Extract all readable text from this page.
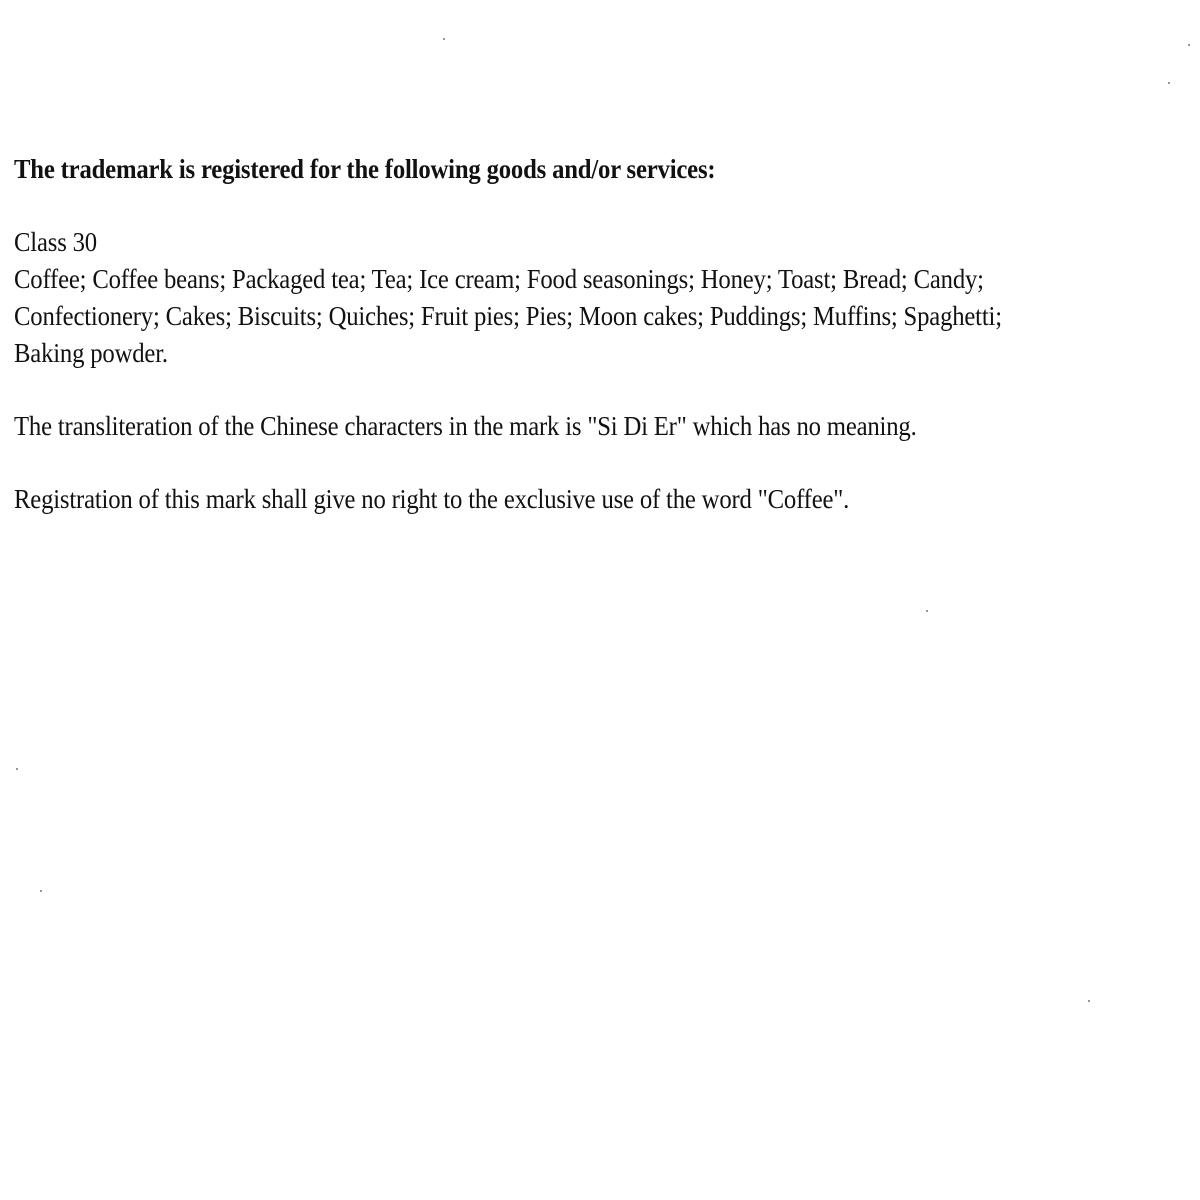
The trademark is registered for the following goods and/or services:

Class 30
Coffee; Coffee beans; Packaged tea; Tea; Ice cream; Food seasonings; Honey; Toast; Bread; Candy;
Confectionery; Cakes; Biscuits; Quiches; Fruit pies; Pies; Moon cakes; Puddings; Muffins; Spaghetti;
Baking powder.

The transliteration of the Chinese characters in the mark is "Si Di Er" which has no meaning.

Registration of this mark shall give no right to the exclusive use of the word "Coffee".
